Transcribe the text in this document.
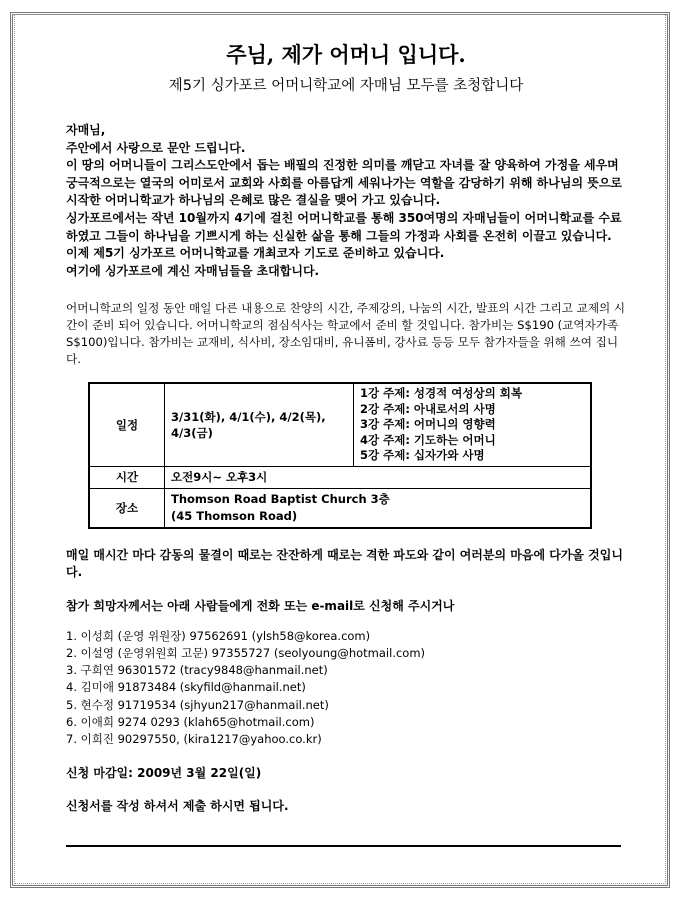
주님, 제가 어머니 입니다.
제5기 싱가포르 어머니학교에 자매님 모두를 초청합니다
자매님,
주안에서 사랑으로 문안 드립니다.
이 땅의 어머니들이 그리스도안에서 돕는 배필의 진정한 의미를 깨닫고 자녀를 잘 양육하여 가정을 세우며 궁극적으로는 열국의 어미로서 교회와 사회를 아름답게 세워나가는 역할을 감당하기 위해 하나님의 뜻으로 시작한 어머니학교가 하나님의 은혜로 많은 결실을 맺어 가고 있습니다.
싱가포르에서는 작년 10월까지 4기에 걸친 어머니학교를 통해 350여명의 자매님들이 어머니학교를 수료하였고 그들이 하나님을 기쁘시게 하는 신실한 삶을 통해 그들의 가정과 사회를 온전히 이끌고 있습니다.
이제 제5기 싱가포르 어머니학교를 개최코자 기도로 준비하고 있습니다.
여기에 싱가포르에 계신 자매님들을 초대합니다.
어머니학교의 일정 동안 매일 다른 내용으로 찬양의 시간, 주제강의, 나눔의 시간, 발표의 시간 그리고 교제의 시간이 준비 되어 있습니다. 어머니학교의 점심식사는 학교에서 준비 할 것입니다. 참가비는 S$190 (교역자가족 S$100)입니다. 참가비는 교재비, 식사비, 장소임대비, 유니폼비, 강사료 등등 모두 참가자들을 위해 쓰여 집니다.
일정	3/31(화), 4/1(수), 4/2(목), 4/3(금)	1강 주제: 성경적 여성상의 회복
2강 주제: 아내로서의 사명
3강 주제: 어머니의 영향력
4강 주제: 기도하는 어머니
5강 주제: 십자가와 사명

시간	오전9시~ 오후3시	
장소	Thomson Road Baptist Church 3층
(45 Thomson Road)	
매일 매시간 마다 감동의 물결이 때로는 잔잔하게 때로는 격한 파도와 같이 여러분의 마음에 다가올 것입니다.
참가 희망자께서는 아래 사람들에게 전화 또는 e-mail로 신청해 주시거나
1. 이성희 (운영 위원장) 97562691 (ylsh58@korea.com)
2. 이설영 (운영위원회 고문) 97355727 (seolyoung@hotmail.com)
3. 구희연 96301572 (tracy9848@hanmail.net)
4. 김미애 91873484 (skyfild@hanmail.net)
5. 현수정 91719534 (sjhyun217@hanmail.net)
6. 이애희 9274 0293 (klah65@hotmail.com)
7. 이희진 90297550, (kira1217@yahoo.co.kr)
신청 마감일: 2009년 3월 22일(일)
신청서를 작성 하셔서 제출 하시면 됩니다.
